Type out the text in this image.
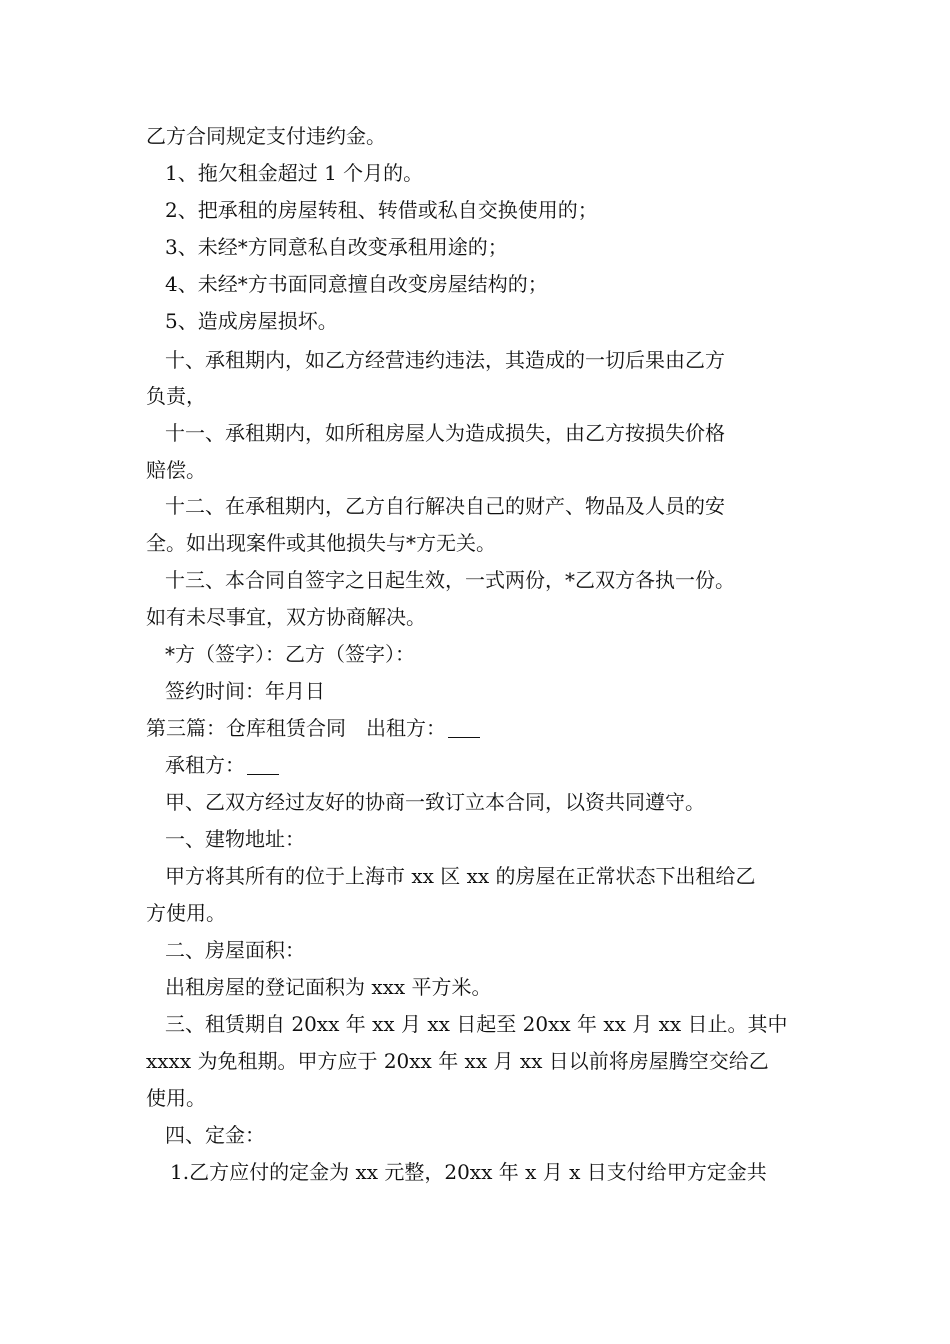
乙方合同规定支付违约金。
1、拖欠租金超过 1 个月的。
2、把承租的房屋转租、转借或私自交换使用的；
3、未经*方同意私自改变承租用途的；
4、未经*方书面同意擅自改变房屋结构的；
5、造成房屋损坏。
十、承租期内，如乙方经营违约违法，其造成的一切后果由乙方
负责，
十一、承租期内，如所租房屋人为造成损失，由乙方按损失价格
赔偿。
十二、在承租期内，乙方自行解决自己的财产、物品及人员的安
全。如出现案件或其他损失与*方无关。
十三、本合同自签字之日起生效，一式两份，*乙双方各执一份。
如有未尽事宜，双方协商解决。
*方（签字）：乙方（签字）：
签约时间：年月日
第三篇：仓库租赁合同　出租方：
承租方：
甲、乙双方经过友好的协商一致订立本合同，以资共同遵守。
一、建物地址：
甲方将其所有的位于上海市 xx 区 xx 的房屋在正常状态下出租给乙
方使用。
二、房屋面积：
出租房屋的登记面积为 xxx 平方米。
三、租赁期自 20xx 年 xx 月 xx 日起至 20xx 年 xx 月 xx 日止。其中
xxxx 为免租期。甲方应于 20xx 年 xx 月 xx 日以前将房屋腾空交给乙
使用。
四、定金：
1.乙方应付的定金为 xx 元整，20xx 年 x 月 x 日支付给甲方定金共
